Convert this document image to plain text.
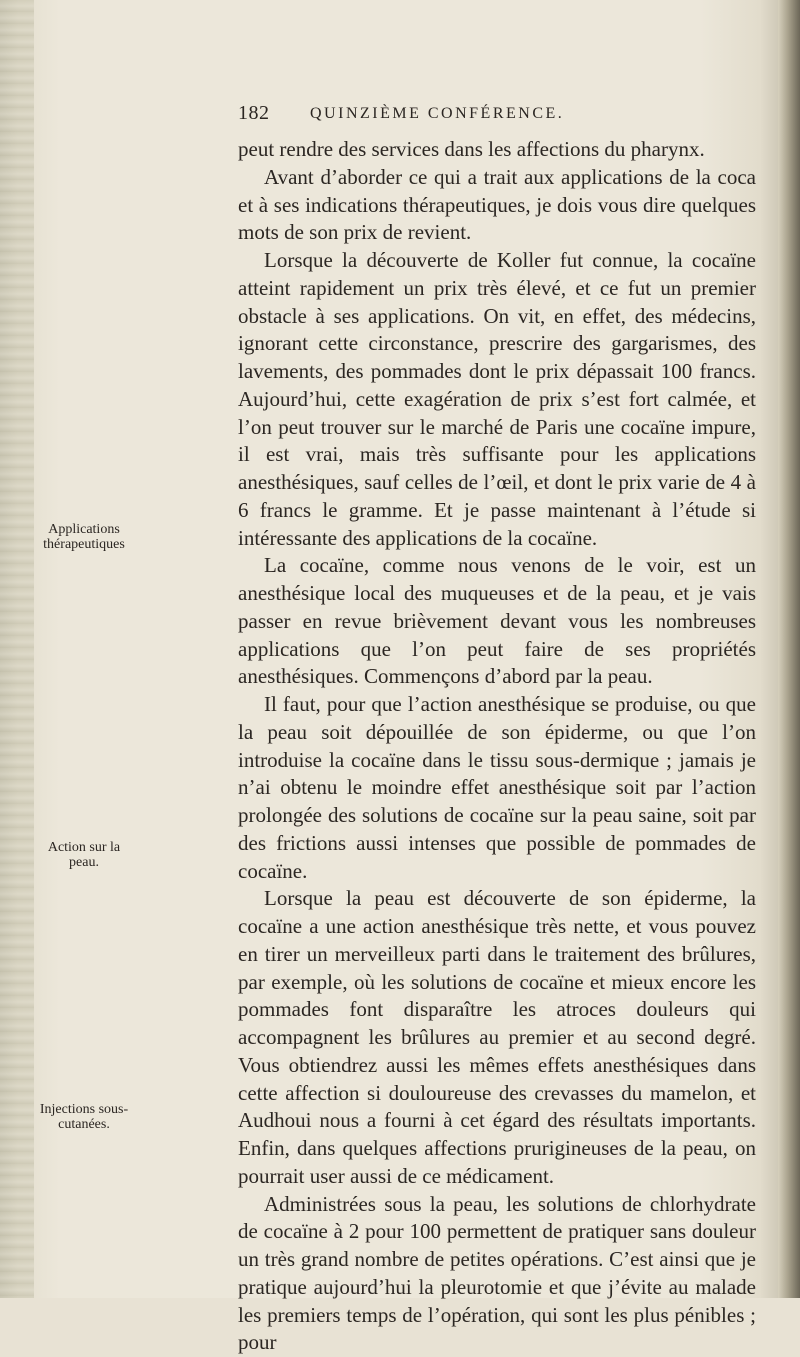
182	QUINZIÈME CONFÉRENCE.

peut rendre des services dans les affections du pharynx.

Avant d’aborder ce qui a trait aux applications de la coca et à ses indications thérapeutiques, je dois vous dire quelques mots de son prix de revient.

Lorsque la découverte de Koller fut connue, la cocaïne atteint rapidement un prix très élevé, et ce fut un premier obstacle à ses applications. On vit, en effet, des médecins, ignorant cette circonstance, prescrire des gargarismes, des lavements, des pommades dont le prix dépassait 100 francs. Aujourd’hui, cette exagération de prix s’est fort calmée, et l’on peut trouver sur le marché de Paris une cocaïne impure, il est vrai, mais très suffisante pour les applications anesthésiques, sauf celles de l’œil, et dont le prix varie de 4 à 6 francs le gramme. Et je passe maintenant à l’étude si intéressante des applications de la cocaïne.

La cocaïne, comme nous venons de le voir, est un anesthésique local des muqueuses et de la peau, et je vais passer en revue brièvement devant vous les nombreuses applications que l’on peut faire de ses propriétés anesthésiques. Commençons d’abord par la peau.

Il faut, pour que l’action anesthésique se produise, ou que la peau soit dépouillée de son épiderme, ou que l’on introduise la cocaïne dans le tissu sous-dermique ; jamais je n’ai obtenu le moindre effet anesthésique soit par l’action prolongée des solutions de cocaïne sur la peau saine, soit par des frictions aussi intenses que possible de pommades de cocaïne.

Lorsque la peau est découverte de son épiderme, la cocaïne a une action anesthésique très nette, et vous pouvez en tirer un merveilleux parti dans le traitement des brûlures, par exemple, où les solutions de cocaïne et mieux encore les pommades font disparaître les atroces douleurs qui accompagnent les brûlures au premier et au second degré. Vous obtiendrez aussi les mêmes effets anesthésiques dans cette affection si douloureuse des crevasses du mamelon, et Audhoui nous a fourni à cet égard des résultats importants. Enfin, dans quelques affections prurigineuses de la peau, on pourrait user aussi de ce médicament.

Administrées sous la peau, les solutions de chlorhydrate de cocaïne à 2 pour 100 permettent de pratiquer sans douleur un très grand nombre de petites opérations. C’est ainsi que je pratique aujourd’hui la pleurotomie et que j’évite au malade les premiers temps de l’opération, qui sont les plus pénibles ; pour

Applications thérapeutiques
Action sur la peau.
Injections sous-cutanées.
